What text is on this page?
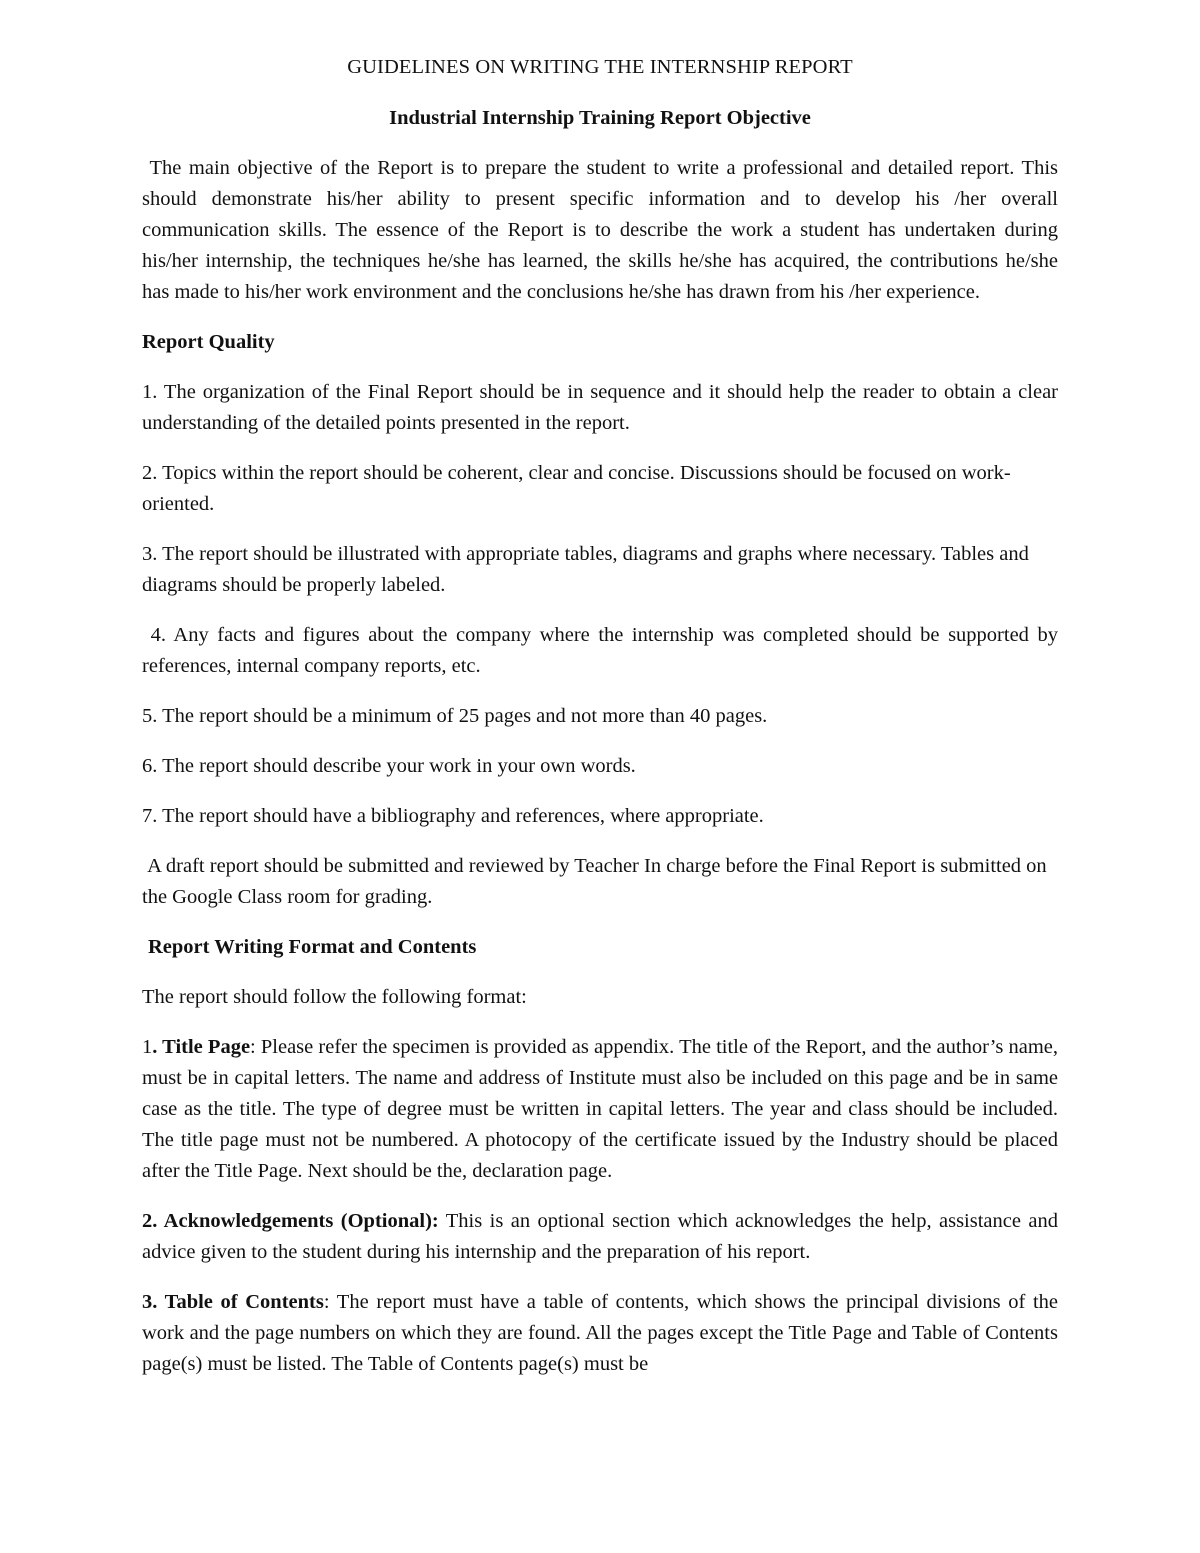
GUIDELINES ON WRITING THE INTERNSHIP REPORT
Industrial Internship Training Report Objective

The main objective of the Report is to prepare the student to write a professional and detailed report. This should demonstrate his/her ability to present specific information and to develop his /her overall communication skills. The essence of the Report is to describe the work a student has undertaken during his/her internship, the techniques he/she has learned, the skills he/she has acquired, the contributions he/she  has made to his/her work environment and the conclusions he/she has drawn from his /her experience.

Report Quality

1. The organization of the Final Report should be in sequence and it should help the reader to obtain a clear understanding of the detailed points presented in the report.

2. Topics within the report should be coherent, clear and concise. Discussions should be focused on work-oriented.

3. The report should be illustrated with appropriate tables, diagrams and graphs where necessary. Tables and diagrams should be properly labeled.

4. Any facts and figures about the company where the internship was completed should be supported by references, internal company reports, etc.

5. The report should be a minimum of 25 pages and not more than 40 pages.

6. The report should describe your work in your own words.

7. The report should have a bibliography and references, where appropriate.

A draft report should be submitted and reviewed by Teacher In charge before the Final Report is submitted on the Google Class room for grading.

Report Writing Format and Contents

The report should follow the following format:

1. Title Page: Please refer the specimen is provided as appendix. The title of the Report, and the author’s name, must be in capital letters. The name and address of Institute must also be included on this page and be in same case as the title. The type of degree must be written in capital letters. The year and class should be included. The title page must not be numbered. A photocopy of the certificate issued by the Industry should be placed after the Title Page. Next should be the, declaration page.

2. Acknowledgements (Optional): This is an optional section which acknowledges the help, assistance and advice given to the student during his internship and the preparation of his report.

3. Table of Contents: The report must have a table of contents, which shows the principal divisions of the work and the page numbers on which they are found. All the pages except the Title Page and Table of Contents page(s) must be listed. The Table of Contents page(s) must be
